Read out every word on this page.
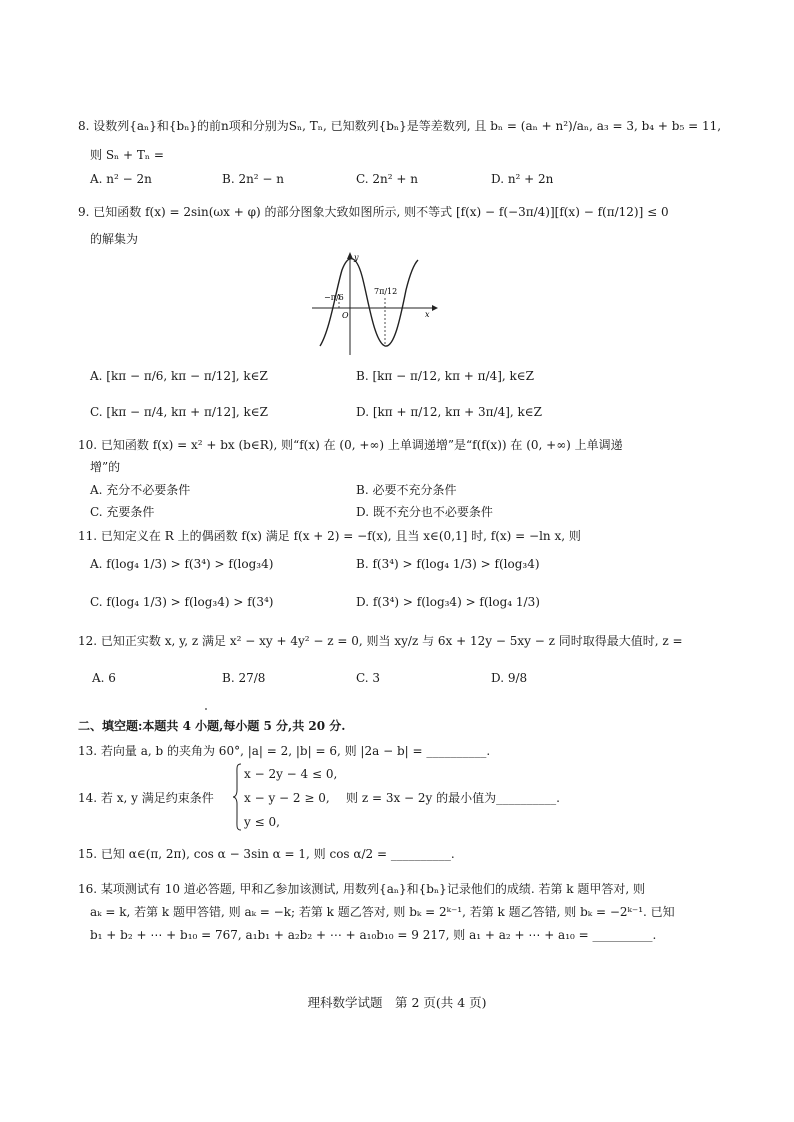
8. 设数列{aₙ}和{bₙ}的前n项和分别为Sₙ, Tₙ, 已知数列{bₙ}是等差数列, 且 bₙ = (aₙ + n²)/aₙ, a₃ = 3, b₄ + b₅ = 11,
则 Sₙ + Tₙ =
A. n² − 2n	B. 2n² − n	C. 2n² + n	D. n² + 2n
9. 已知函数 f(x) = 2sin(ωx + φ) 的部分图象大致如图所示, 则不等式 [f(x) − f(−3π/4)][f(x) − f(π/12)] ≤ 0
的解集为
−π/6
7π/12
O	x
y
A. [kπ − π/6, kπ − π/12], k∈Z	B. [kπ − π/12, kπ + π/4], k∈Z
C. [kπ − π/4, kπ + π/12], k∈Z	D. [kπ + π/12, kπ + 3π/4], k∈Z
10. 已知函数 f(x) = x² + bx (b∈R), 则“f(x) 在 (0, +∞) 上单调递增”是“f(f(x)) 在 (0, +∞) 上单调递
增”的
A. 充分不必要条件	B. 必要不充分条件
C. 充要条件	D. 既不充分也不必要条件
11. 已知定义在 R 上的偶函数 f(x) 满足 f(x + 2) = −f(x), 且当 x∈(0,1] 时, f(x) = −ln x, 则
A. f(log₄ 1/3) > f(3⁴) > f(log₃4)	B. f(3⁴) > f(log₄ 1/3) > f(log₃4)
C. f(log₄ 1/3) > f(log₃4) > f(3⁴)	D. f(3⁴) > f(log₃4) > f(log₄ 1/3)
12. 已知正实数 x, y, z 满足 x² − xy + 4y² − z = 0, 则当 xy/z 与 6x + 12y − 5xy − z 同时取得最大值时, z =
A. 6	B. 27/8	C. 3	D. 9/8
二、填空题:本题共 4 小题,每小题 5 分,共 20 分.
13. 若向量 a, b 的夹角为 60°, |a| = 2, |b| = 6, 则 |2a − b| = __________.
14. 若 x, y 满足约束条件
x − 2y − 4 ≤ 0,
x − y − 2 ≥ 0,
y ≤ 0,
则 z = 3x − 2y 的最小值为__________.
15. 已知 α∈(π, 2π), cos α − 3sin α = 1, 则 cos α/2 = __________.
16. 某项测试有 10 道必答题, 甲和乙参加该测试, 用数列{aₙ}和{bₙ}记录他们的成绩. 若第 k 题甲答对, 则
aₖ = k, 若第 k 题甲答错, 则 aₖ = −k; 若第 k 题乙答对, 则 bₖ = 2ᵏ⁻¹, 若第 k 题乙答错, 则 bₖ = −2ᵏ⁻¹. 已知
b₁ + b₂ + ⋯ + b₁₀ = 767, a₁b₁ + a₂b₂ + ⋯ + a₁₀b₁₀ = 9 217, 则 a₁ + a₂ + ⋯ + a₁₀ = __________.
理科数学试题　第 2 页(共 4 页)
